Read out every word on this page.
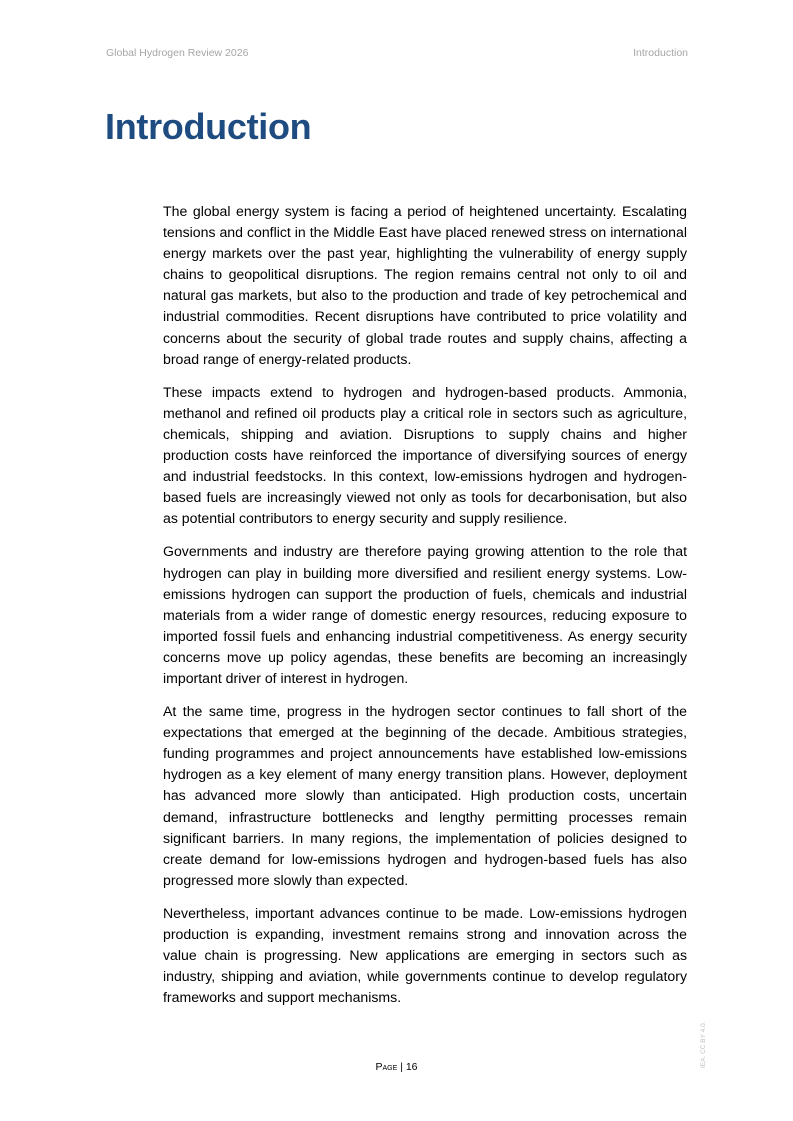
Global Hydrogen Review 2026	Introduction
Introduction

The global energy system is facing a period of heightened uncertainty. Escalating tensions and conflict in the Middle East have placed renewed stress on international energy markets over the past year, highlighting the vulnerability of energy supply chains to geopolitical disruptions. The region remains central not only to oil and natural gas markets, but also to the production and trade of key petrochemical and industrial commodities. Recent disruptions have contributed to price volatility and concerns about the security of global trade routes and supply chains, affecting a broad range of energy-related products.

These impacts extend to hydrogen and hydrogen-based products. Ammonia, methanol and refined oil products play a critical role in sectors such as agriculture, chemicals, shipping and aviation. Disruptions to supply chains and higher production costs have reinforced the importance of diversifying sources of energy and industrial feedstocks. In this context, low-emissions hydrogen and hydrogen-based fuels are increasingly viewed not only as tools for decarbonisation, but also as potential contributors to energy security and supply resilience.

Governments and industry are therefore paying growing attention to the role that hydrogen can play in building more diversified and resilient energy systems. Low-emissions hydrogen can support the production of fuels, chemicals and industrial materials from a wider range of domestic energy resources, reducing exposure to imported fossil fuels and enhancing industrial competitiveness. As energy security concerns move up policy agendas, these benefits are becoming an increasingly important driver of interest in hydrogen.

At the same time, progress in the hydrogen sector continues to fall short of the expectations that emerged at the beginning of the decade. Ambitious strategies, funding programmes and project announcements have established low-emissions hydrogen as a key element of many energy transition plans. However, deployment has advanced more slowly than anticipated. High production costs, uncertain demand, infrastructure bottlenecks and lengthy permitting processes remain significant barriers. In many regions, the implementation of policies designed to create demand for low-emissions hydrogen and hydrogen-based fuels has also progressed more slowly than expected.

Nevertheless, important advances continue to be made. Low-emissions hydrogen production is expanding, investment remains strong and innovation across the value chain is progressing. New applications are emerging in sectors such as industry, shipping and aviation, while governments continue to develop regulatory frameworks and support mechanisms.

IEA. CC BY 4.0.
Page | 16
